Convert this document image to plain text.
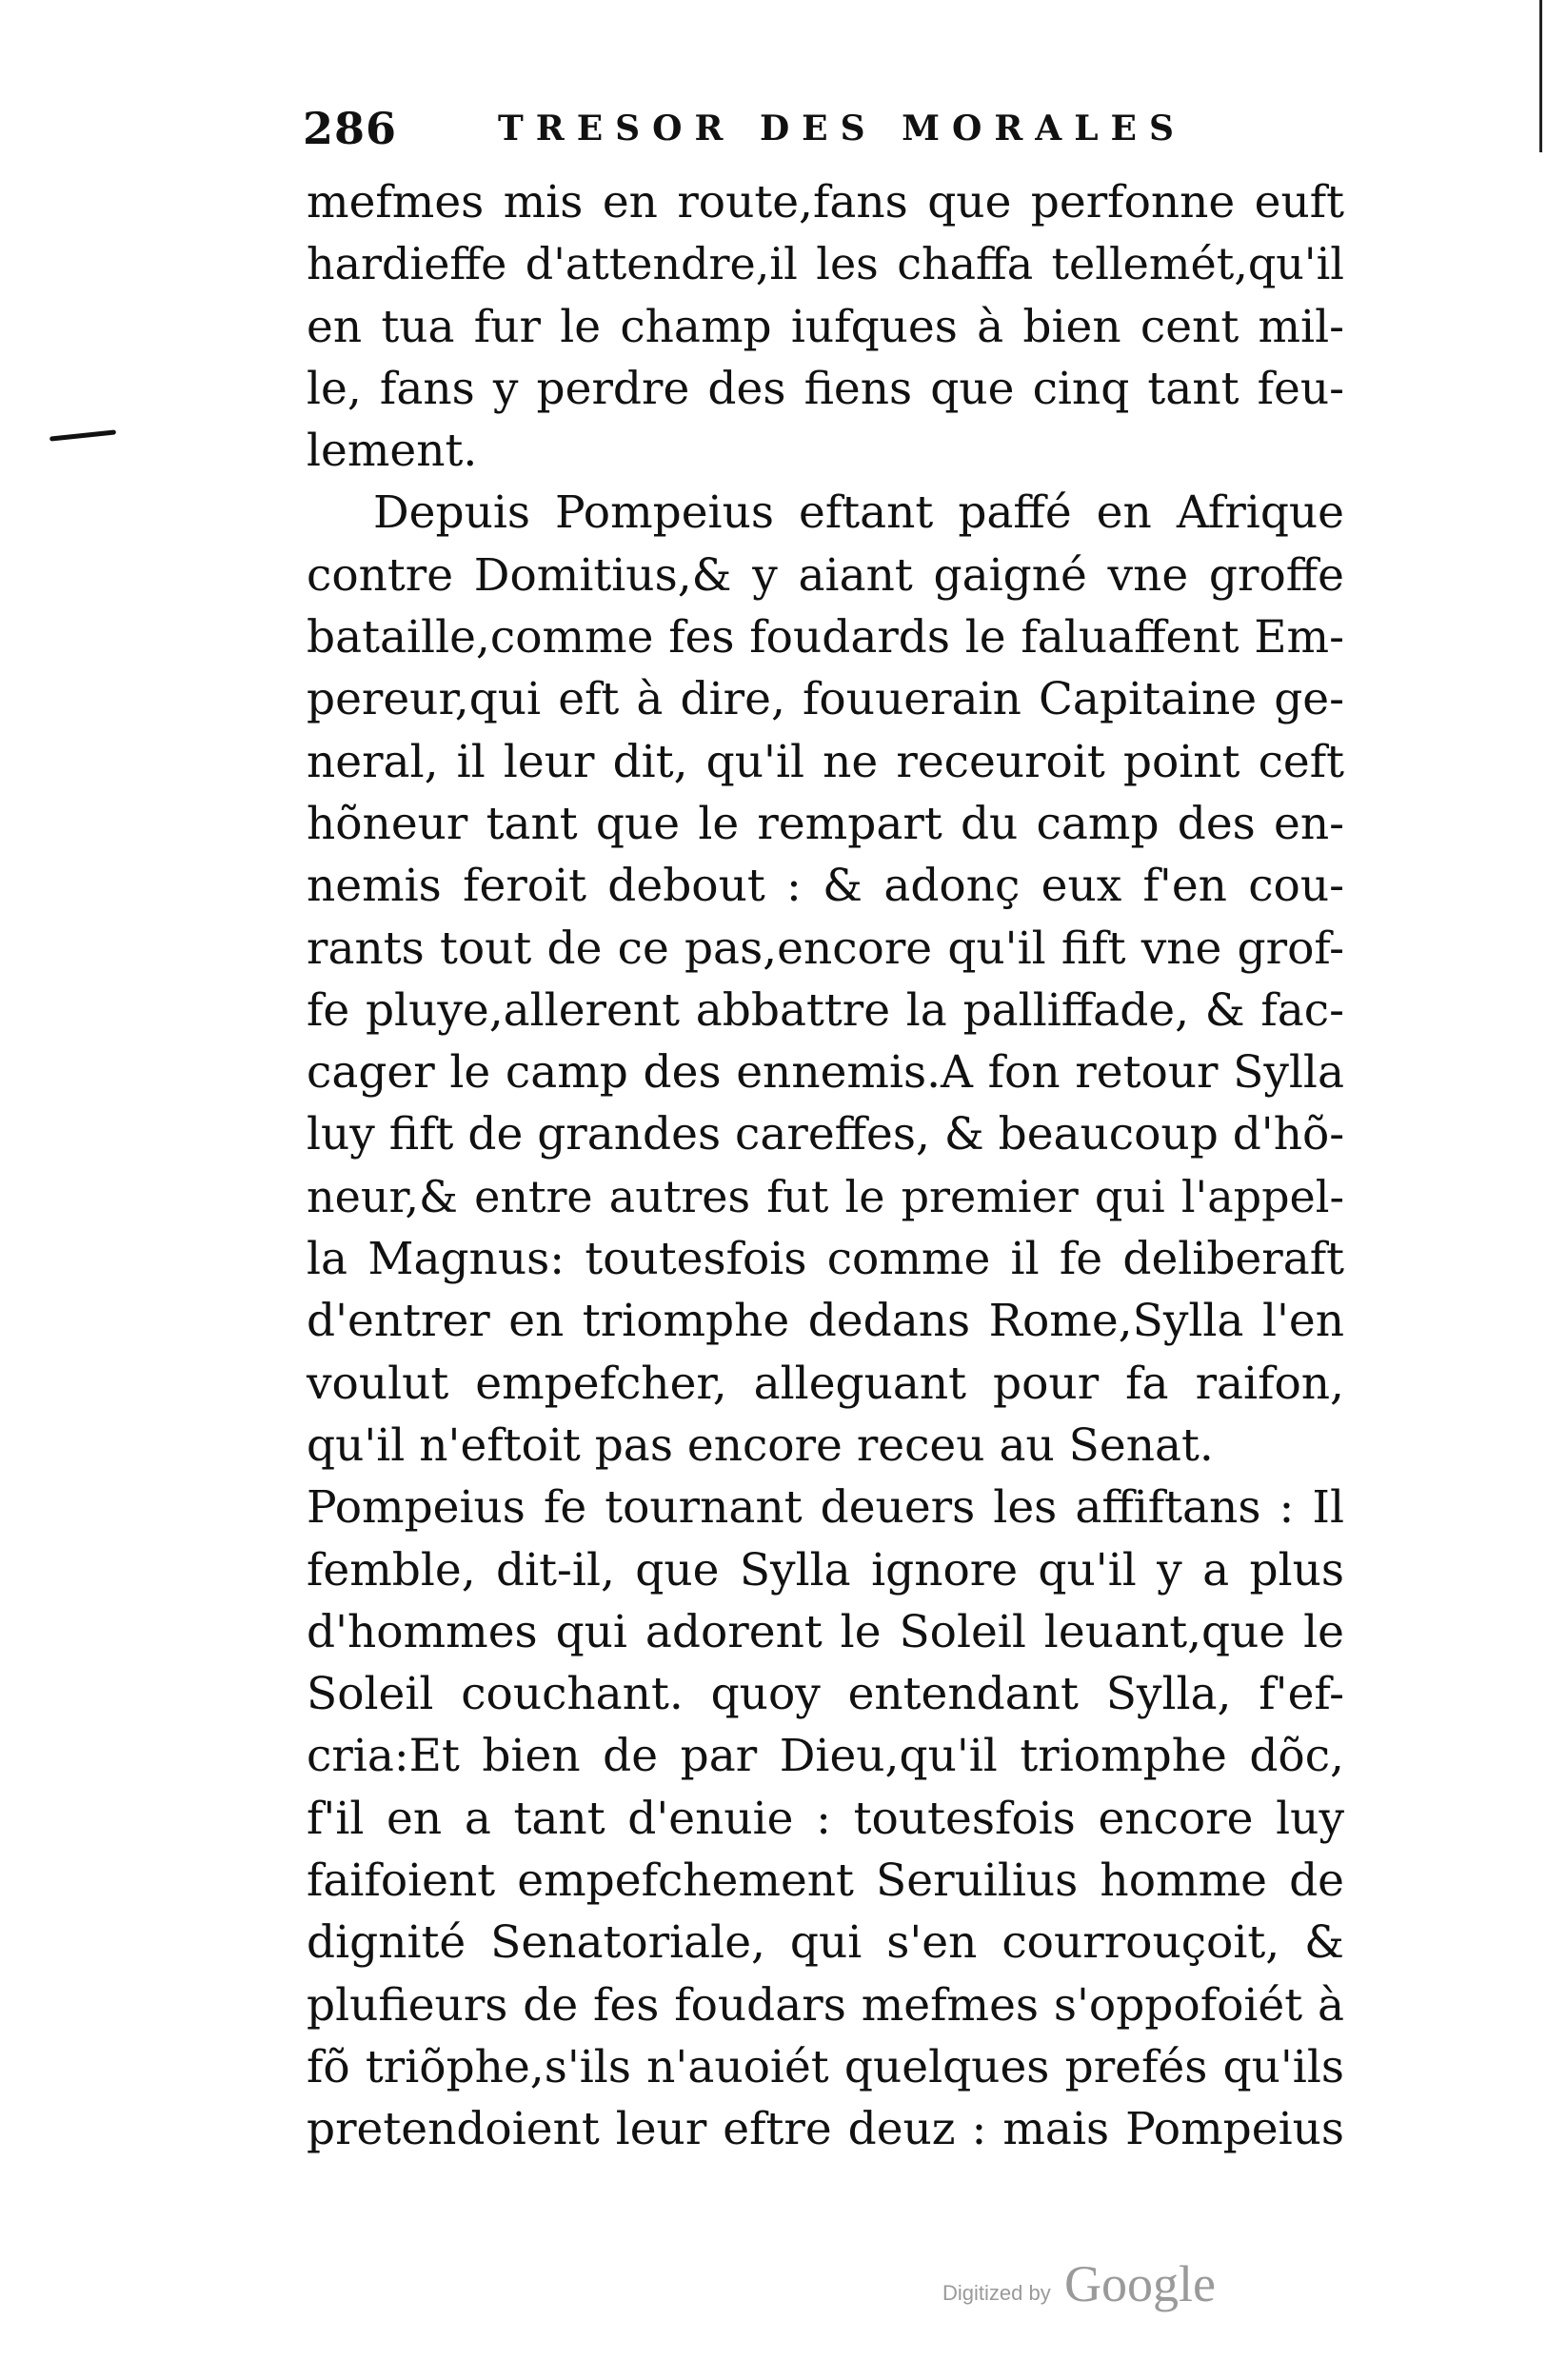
286	TRESOR DES MORALES
mefmes mis en route,fans que perfonne euft
hardieffe d'attendre,il les chaffa tellemét,qu'il
en tua fur le champ iufques à bien cent mil-
le, fans y perdre des fiens que cinq tant feu-
lement.
Depuis Pompeius eftant paffé en Afrique
contre Domitius,& y aiant gaigné vne groffe
bataille,comme fes foudards le faluaffent Em-
pereur,qui eft à dire, fouuerain Capitaine ge-
neral, il leur dit, qu'il ne receuroit point ceft
hõneur tant que le rempart du camp des en-
nemis feroit debout : & adonç eux f'en cou-
rants tout de ce pas,encore qu'il fift vne grof-
fe pluye,allerent abbattre la palliffade, & fac-
cager le camp des ennemis.A fon retour Sylla
luy fift de grandes careffes, & beaucoup d'hõ-
neur,& entre autres fut le premier qui l'appel-
la Magnus: toutesfois comme il fe deliberaft
d'entrer en triomphe dedans Rome,Sylla l'en
voulut empefcher, alleguant pour fa raifon,
qu'il n'eftoit pas encore receu au Senat.
Pompeius fe tournant deuers les affiftans : Il
femble, dit-il, que Sylla ignore qu'il y a plus
d'hommes qui adorent le Soleil leuant,que le
Soleil couchant. quoy entendant Sylla, f'ef-
cria:Et bien de par Dieu,qu'il triomphe dõc,
f'il en a tant d'enuie : toutesfois encore luy
faifoient empefchement Seruilius homme de
dignité Senatoriale, qui s'en courrouçoit, &
plufieurs de fes foudars mefmes s'oppofoiét à
fõ triõphe,s'ils n'auoiét quelques prefés qu'ils
pretendoient leur eftre deuz : mais Pompeius
Digitized by Google
